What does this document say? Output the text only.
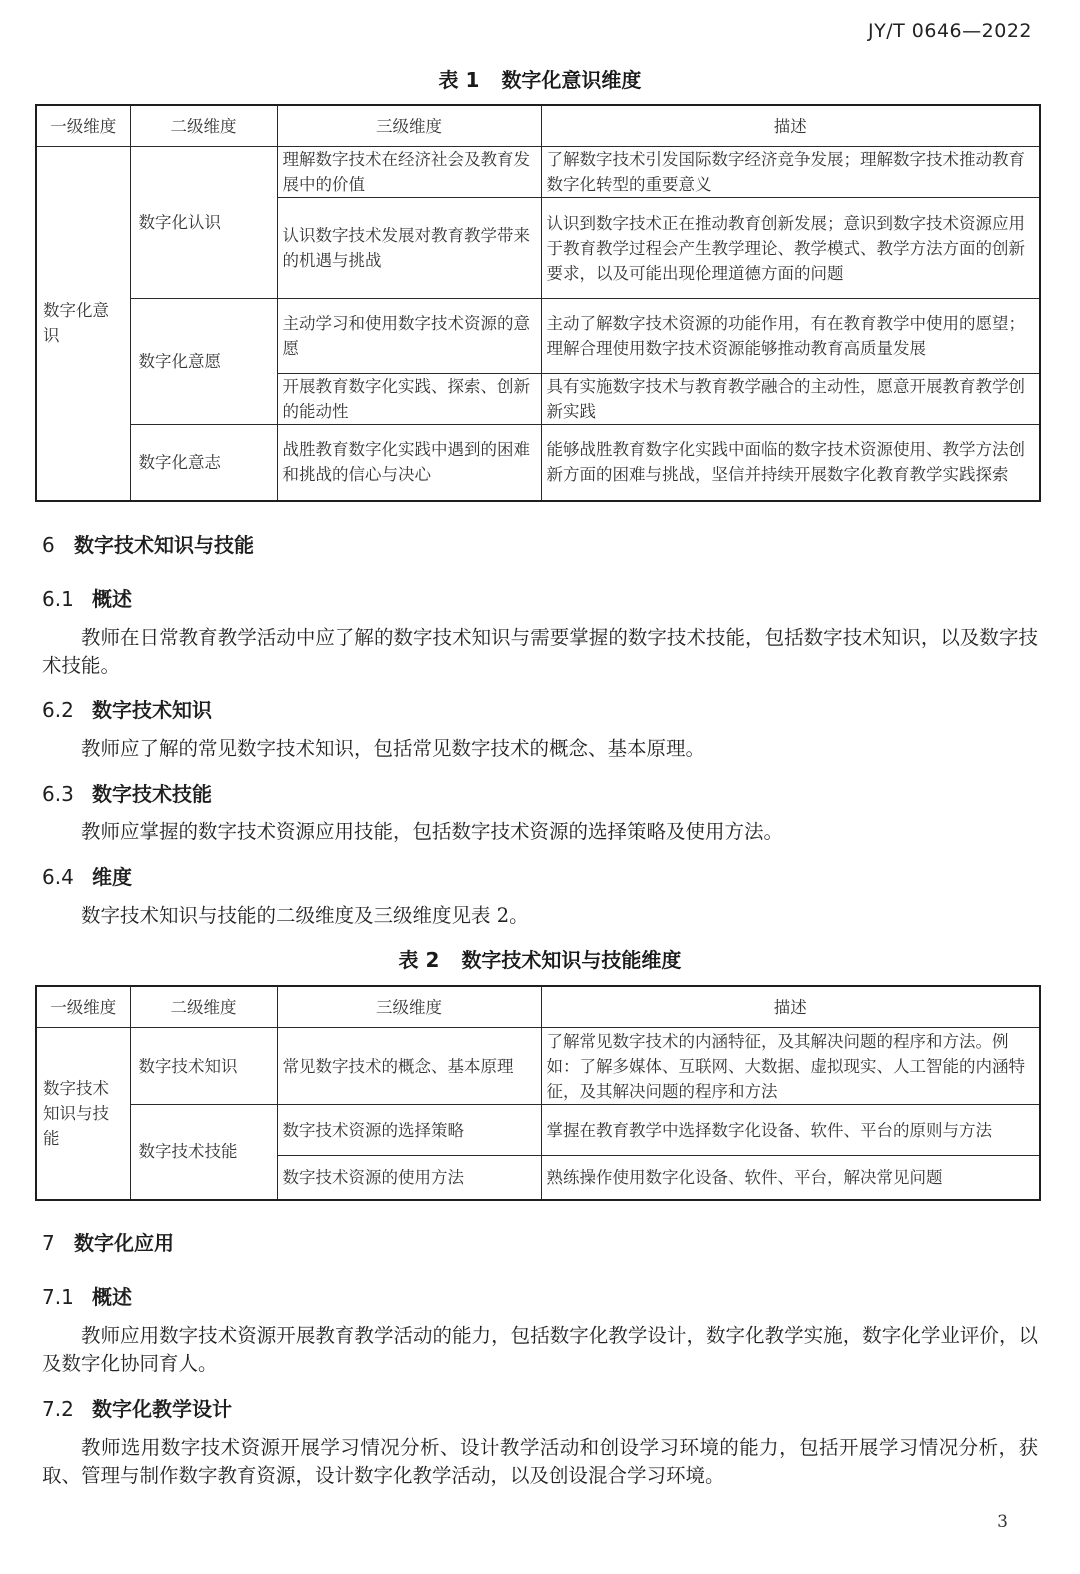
JY/T 0646—2022
表 1 数字化意识维度
一级维度	二级维度	三级维度	描述
数字化意识	数字化认识	理解数字技术在经济社会及教育发展中的价值	了解数字技术引发国际数字经济竞争发展；理解数字技术推动教育数字化转型的重要意义
		认识数字技术发展对教育教学带来的机遇与挑战	认识到数字技术正在推动教育创新发展；意识到数字技术资源应用于教育教学过程会产生教学理论、教学模式、教学方法方面的创新要求，以及可能出现伦理道德方面的问题
	数字化意愿	主动学习和使用数字技术资源的意愿	主动了解数字技术资源的功能作用，有在教育教学中使用的愿望；理解合理使用数字技术资源能够推动教育高质量发展
		开展教育数字化实践、探索、创新的能动性	具有实施数字技术与教育教学融合的主动性，愿意开展教育教学创新实践
	数字化意志	战胜教育数字化实践中遇到的困难和挑战的信心与决心	能够战胜教育数字化实践中面临的数字技术资源使用、教学方法创新方面的困难与挑战，坚信并持续开展数字化教育教学实践探索
6 数字技术知识与技能
6.1 概述
教师在日常教育教学活动中应了解的数字技术知识与需要掌握的数字技术技能，包括数字技术知识，以及数字技术技能。
6.2 数字技术知识
教师应了解的常见数字技术知识，包括常见数字技术的概念、基本原理。
6.3 数字技术技能
教师应掌握的数字技术资源应用技能，包括数字技术资源的选择策略及使用方法。
6.4 维度
数字技术知识与技能的二级维度及三级维度见表 2。
表 2 数字技术知识与技能维度
一级维度	二级维度	三级维度	描述
数字技术知识与技能	数字技术知识	常见数字技术的概念、基本原理	了解常见数字技术的内涵特征，及其解决问题的程序和方法。例如：了解多媒体、互联网、大数据、虚拟现实、人工智能的内涵特征，及其解决问题的程序和方法
	数字技术技能	数字技术资源的选择策略	掌握在教育教学中选择数字化设备、软件、平台的原则与方法
		数字技术资源的使用方法	熟练操作使用数字化设备、软件、平台，解决常见问题
7 数字化应用
7.1 概述
教师应用数字技术资源开展教育教学活动的能力，包括数字化教学设计，数字化教学实施，数字化学业评价，以及数字化协同育人。
7.2 数字化教学设计
教师选用数字技术资源开展学习情况分析、设计教学活动和创设学习环境的能力，包括开展学习情况分析，获取、管理与制作数字教育资源，设计数字化教学活动，以及创设混合学习环境。
3
